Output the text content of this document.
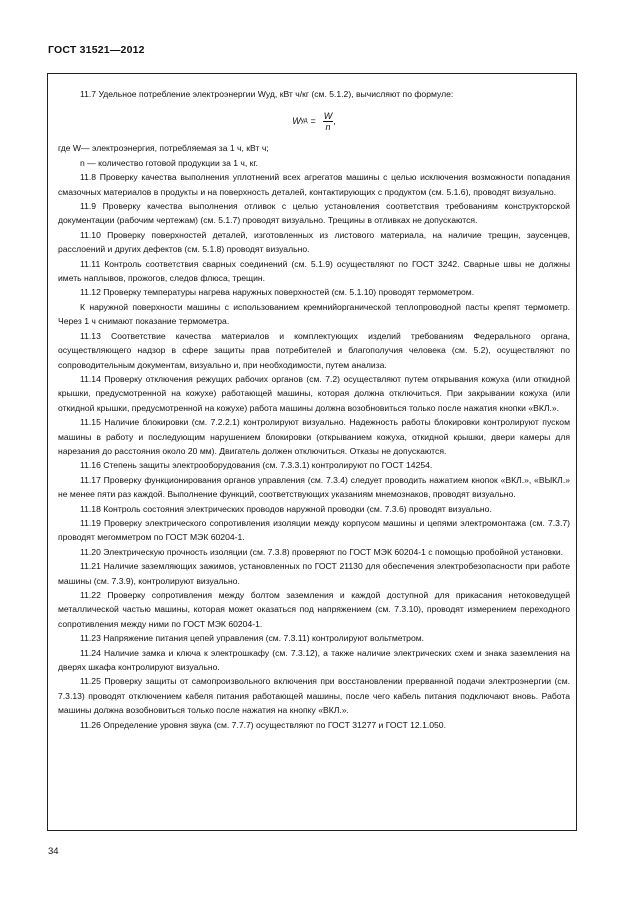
ГОСТ 31521—2012

11.7 Удельное потребление электроэнергии Wуд, кВт ч/кг (см. 5.1.2), вычисляют по формуле:

W уд = $\frac{W}{n}$ ,

где W— электроэнергия, потребляемая за 1 ч, кВт ч;

n — количество готовой продукции за 1 ч, кг.

11.8 Проверку качества выполнения уплотнений всех агрегатов машины с целью исключения возможности попадания смазочных материалов в продукты и на поверхность деталей, контактирующих с продуктом (см. 5.1.6), проводят визуально.

11.9 Проверку качества выполнения отливок с целью установления соответствия требованиям конструкторской документации (рабочим чертежам) (см. 5.1.7) проводят визуально. Трещины в отливках не допускаются.

11.10 Проверку поверхностей деталей, изготовленных из листового материала, на наличие трещин, заусенцев, расслоений и других дефектов (см. 5.1.8) проводят визуально.

11.11 Контроль соответствия сварных соединений (см. 5.1.9) осуществляют по ГОСТ 3242. Сварные швы не должны иметь наплывов, прожогов, следов флюса, трещин.

11.12 Проверку температуры нагрева наружных поверхностей (см. 5.1.10) проводят термометром.

К наружной поверхности машины с использованием кремнийорганической теплопроводной пасты крепят термометр. Через 1 ч снимают показание термометра.

11.13 Соответствие качества материалов и комплектующих изделий требованиям Федерального органа, осуществляющего надзор в сфере защиты прав потребителей и благополучия человека (см. 5.2), осуществляют по сопроводительным документам, визуально и, при необходимости, путем анализа.

11.14 Проверку отключения режущих рабочих органов (см. 7.2) осуществляют путем открывания кожуха (или откидной крышки, предусмотренной на кожухе) работающей машины, которая должна отключиться. При закрывании кожуха (или откидной крышки, предусмотренной на кожухе) работа машины должна возобновиться только после нажатия кнопки «ВКЛ.».

11.15 Наличие блокировки (см. 7.2.2.1) контролируют визуально. Надежность работы блокировки контролируют пуском машины в работу и последующим нарушением блокировки (открыванием кожуха, откидной крышки, двери камеры для нарезания до расстояния около 20 мм). Двигатель должен отключиться. Отказы не допускаются.

11.16 Степень защиты электрооборудования (см. 7.3.3.1) контролируют по ГОСТ 14254.

11.17 Проверку функционирования органов управления (см. 7.3.4) следует проводить нажатием кнопок «ВКЛ.», «ВЫКЛ.» не менее пяти раз каждой. Выполнение функций, соответствующих указаниям мнемознаков, проводят визуально.

11.18 Контроль состояния электрических проводов наружной проводки (см. 7.3.6) проводят визуально.

11.19 Проверку электрического сопротивления изоляции между корпусом машины и цепями электромонтажа (см. 7.3.7) проводят мегомметром по ГОСТ МЭК 60204-1.

11.20 Электрическую прочность изоляции (см. 7.3.8) проверяют по ГОСТ МЭК 60204-1 с помощью пробойной установки.

11.21 Наличие заземляющих зажимов, установленных по ГОСТ 21130 для обеспечения электробезопасности при работе машины (см. 7.3.9), контролируют визуально.

11.22 Проверку сопротивления между болтом заземления и каждой доступной для прикасания нетоковедущей металлической частью машины, которая может оказаться под напряжением (см. 7.3.10), проводят измерением переходного сопротивления между ними по ГОСТ МЭК 60204-1.

11.23 Напряжение питания цепей управления (см. 7.3.11) контролируют вольтметром.

11.24 Наличие замка и ключа к электрошкафу (см. 7.3.12), а также наличие электрических схем и знака заземления на дверях шкафа контролируют визуально.

11.25 Проверку защиты от самопроизвольного включения при восстановлении прерванной подачи электроэнергии (см. 7.3.13) проводят отключением кабеля питания работающей машины, после чего кабель питания подключают вновь. Работа машины должна возобновиться только после нажатия на кнопку «ВКЛ.».

11.26 Определение уровня звука (см. 7.7.7) осуществляют по ГОСТ 31277 и ГОСТ 12.1.050.

34
